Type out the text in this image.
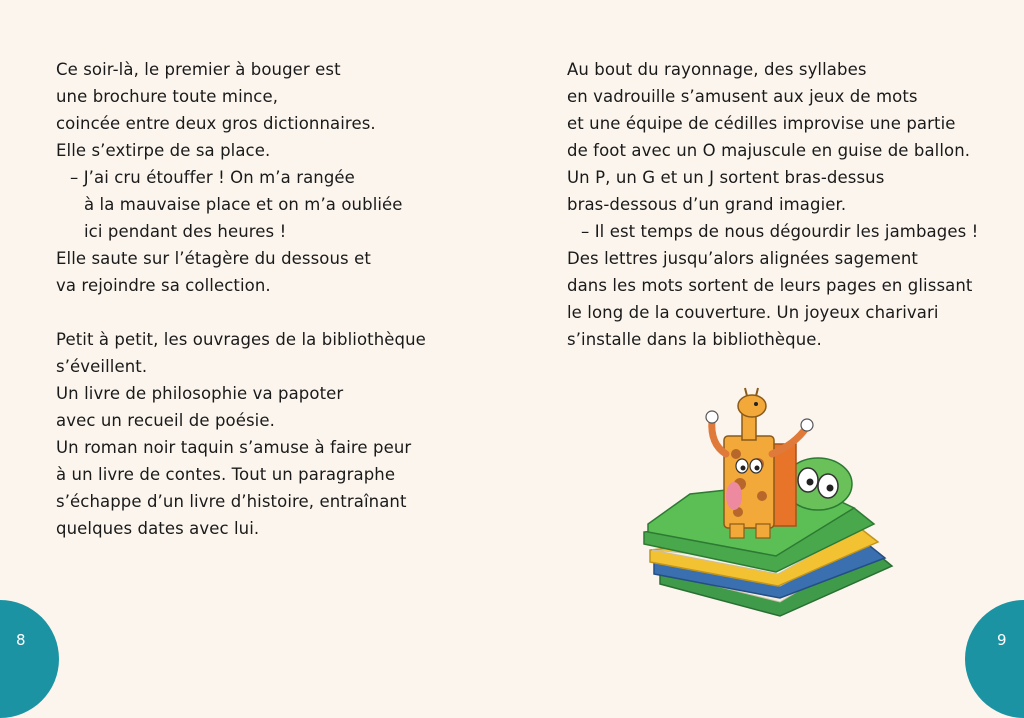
Ce soir-là, le premier à bouger est
une brochure toute mince,
coincée entre deux gros dictionnaires.
Elle s’extirpe de sa place.
– J’ai cru étouffer ! On m’a rangée
à la mauvaise place et on m’a oubliée
ici pendant des heures !
Elle saute sur l’étagère du dessous et
va rejoindre sa collection.
Petit à petit, les ouvrages de la bibliothèque
s’éveillent.
Un livre de philosophie va papoter
avec un recueil de poésie.
Un roman noir taquin s’amuse à faire peur
à un livre de contes. Tout un paragraphe
s’échappe d’un livre d’histoire, entraînant
quelques dates avec lui.
Au bout du rayonnage, des syllabes
en vadrouille s’amusent aux jeux de mots
et une équipe de cédilles improvise une partie
de foot avec un O majuscule en guise de ballon.
Un P, un G et un J sortent bras-dessus
bras-dessous d’un grand imagier.
– Il est temps de nous dégourdir les jambages !
Des lettres jusqu’alors alignées sagement
dans les mots sortent de leurs pages en glissant
le long de la couverture. Un joyeux charivari
s’installe dans la bibliothèque.
8	9
